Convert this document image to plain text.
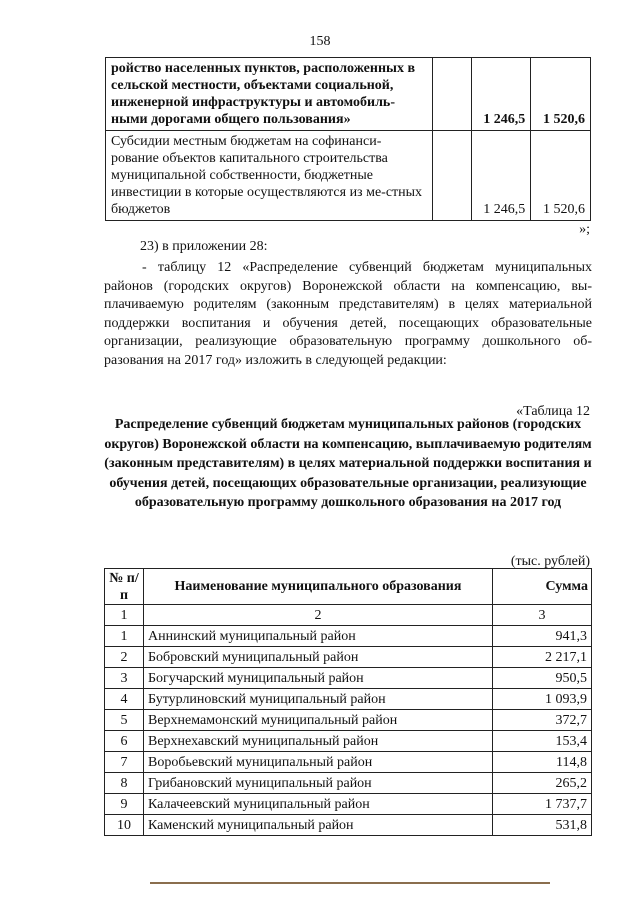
158
ройство населенных пунктов, расположенных в сельской местности, объектами социальной, инженерной инфраструктуры и автомобиль-ными дорогами общего пользования»		1 246,5	1 520,6
Субсидии местным бюджетам на софинанси-рование объектов капитального строительства муниципальной собственности, бюджетные инвестиции в которые осуществляются из ме-стных бюджетов		1 246,5	1 520,6
»;
23) в приложении 28:
- таблицу 12 «Распределение субвенций бюджетам муниципальных районов (городских округов) Воронежской области на компенсацию, вы-плачиваемую родителям (законным представителям) в целях материальной поддержки воспитания и обучения детей, посещающих образовательные организации, реализующие образовательную программу дошкольного об-разования на 2017 год» изложить в следующей редакции:
«Таблица 12
Распределение субвенций бюджетам муниципальных районов (городских округов) Воронежской области на компенсацию, выплачиваемую родителям (законным представителям) в целях материальной поддержки воспитания и обучения детей, посещающих образовательные организации, реализующие образовательную программу дошкольного образования на 2017 год
(тыс. рублей)
№ п/п	Наименование муниципального образования	Сумма
1	2	3
1	Аннинский муниципальный район	941,3
2	Бобровский муниципальный район	2 217,1
3	Богучарский муниципальный район	950,5
4	Бутурлиновский муниципальный район	1 093,9
5	Верхнемамонский муниципальный район	372,7
6	Верхнехавский муниципальный район	153,4
7	Воробьевский муниципальный район	114,8
8	Грибановский муниципальный район	265,2
9	Калачеевский муниципальный район	1 737,7
10	Каменский муниципальный район	531,8
